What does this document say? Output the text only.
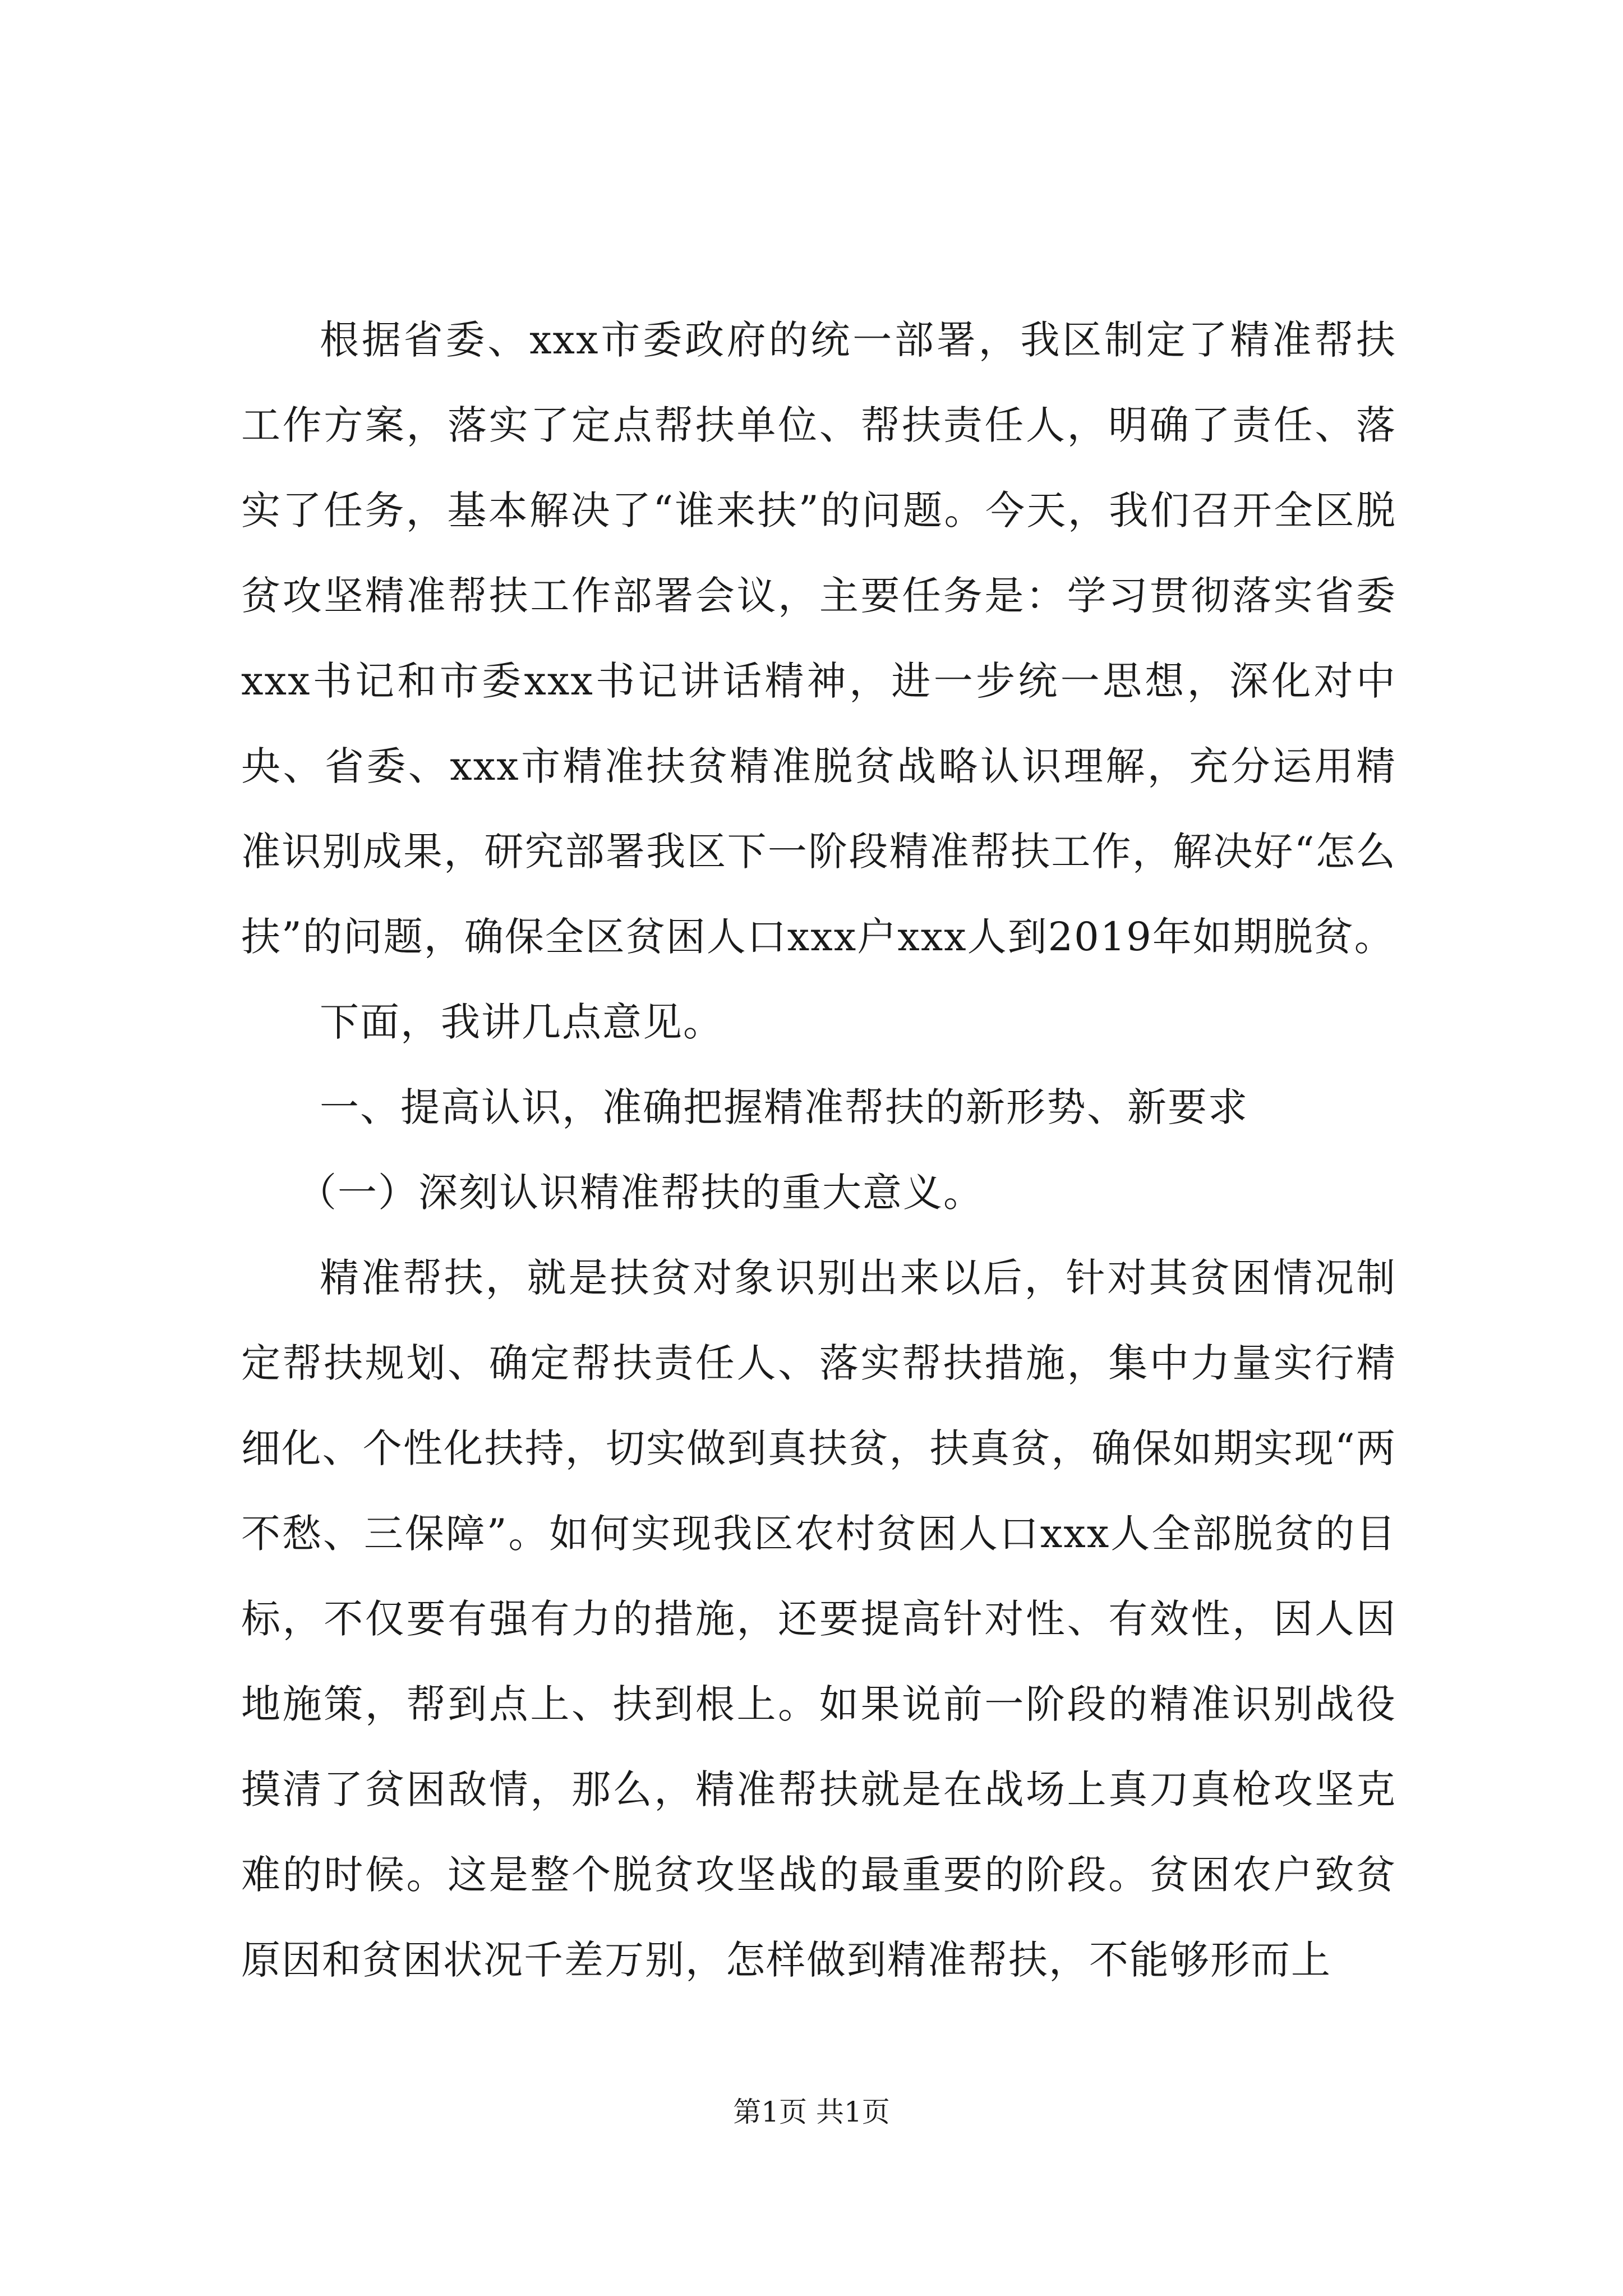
根据省委、xxx市委政府的统一部署，我区制定了精准帮扶工作方案，落实了定点帮扶单位、帮扶责任人，明确了责任、落实了任务，基本解决了“谁来扶”的问题。今天，我们召开全区脱贫攻坚精准帮扶工作部署会议，主要任务是：学习贯彻落实省委xxx书记和市委xxx书记讲话精神，进一步统一思想，深化对中央、省委、xxx市精准扶贫精准脱贫战略认识理解，充分运用精准识别成果，研究部署我区下一阶段精准帮扶工作，解决好“怎么扶”的问题，确保全区贫困人口xxx户xxx人到2019年如期脱贫。

下面，我讲几点意见。

一、提高认识，准确把握精准帮扶的新形势、新要求

（一）深刻认识精准帮扶的重大意义。

精准帮扶，就是扶贫对象识别出来以后，针对其贫困情况制定帮扶规划、确定帮扶责任人、落实帮扶措施，集中力量实行精细化、个性化扶持，切实做到真扶贫，扶真贫，确保如期实现“两不愁、三保障”。如何实现我区农村贫困人口xxx人全部脱贫的目标，不仅要有强有力的措施，还要提高针对性、有效性，因人因地施策，帮到点上、扶到根上。如果说前一阶段的精准识别战役摸清了贫困敌情，那么，精准帮扶就是在战场上真刀真枪攻坚克难的时候。这是整个脱贫攻坚战的最重要的阶段。贫困农户致贫原因和贫困状况千差万别，怎样做到精准帮扶，不能够形而上

第1页 共1页
